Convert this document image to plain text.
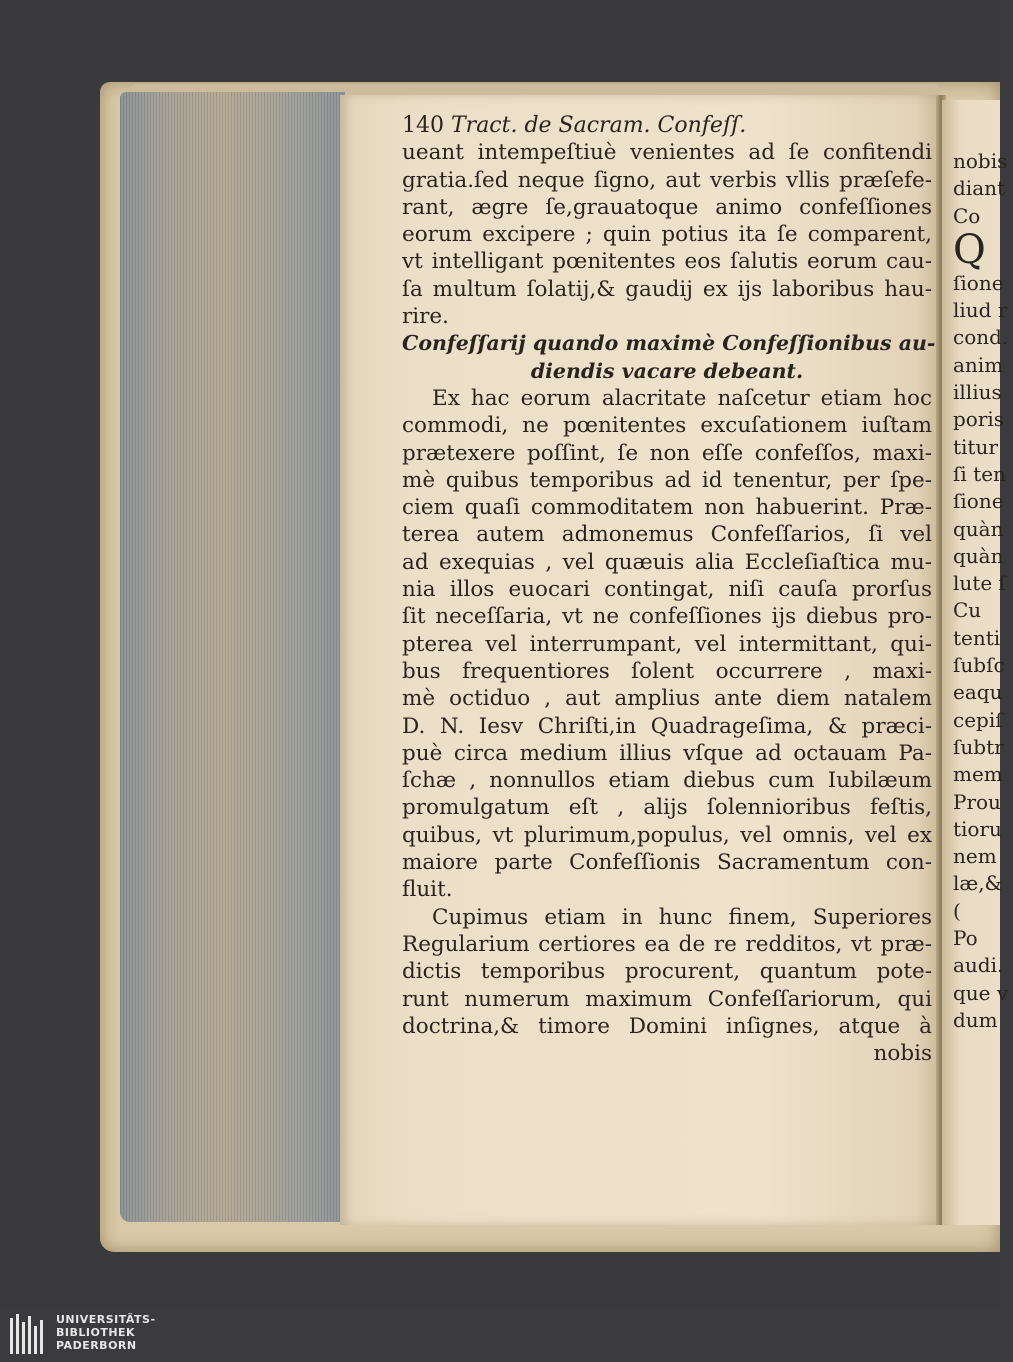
140 Tract. de Sacram. Confeſſ.
ueant intempeſtiuè venientes ad ſe confitendi
gratia.ſed neque ſigno, aut verbis vllis præſefe-
rant, ægre ſe,grauatoque animo confeſſiones
eorum excipere ; quin potius ita ſe comparent,
vt intelligant pœnitentes eos ſalutis eorum cau-
ſa multum ſolatij,& gaudij ex ijs laboribus hau-
rire.
Confeſſarij quando maximè Confeſſionibus au-
diendis vacare debeant.
Ex hac eorum alacritate naſcetur etiam hoc
commodi, ne pœnitentes excuſationem iuſtam
prætexere poſſint, ſe non eſſe confeſſos, maxi-
mè quibus temporibus ad id tenentur, per ſpe-
ciem quaſi commoditatem non habuerint. Præ-
terea autem admonemus Confeſſarios, ſi vel
ad exequias , vel quæuis alia Eccleſiaſtica mu-
nia illos euocari contingat, niſi cauſa prorſus
ſit neceſſaria, vt ne confeſſiones ijs diebus pro-
pterea vel interrumpant, vel intermittant, qui-
bus frequentiores ſolent occurrere , maxi-
mè octiduo , aut amplius ante diem natalem
D. N. Iesv Chriſti,in Quadrageſima, & præci-
puè circa medium illius vſque ad octauam Pa-
ſchæ , nonnullos etiam diebus cum Iubilæum
promulgatum eſt , alijs ſolennioribus feſtis,
quibus, vt plurimum,populus, vel omnis, vel ex
maiore parte Confeſſionis Sacramentum con-
fluit.
Cupimus etiam in hunc finem, Superiores
Regularium certiores ea de re redditos, vt præ-
dictis temporibus procurent, quantum pote-
runt numerum maximum Confeſſariorum, qui
doctrina,& timore Domini inſignes, atque à
nobis
nobis
diant
Co
Q
ſione
liud r
cond.
anim
illius
poris
titur
ſi ten
ſione
quàn
quàn
lute ſ
Cu
tenti
ſubſc
eaqu
cepiſ
ſubtr
mem
Prou
tioru
nem
læ,&
(
Po
audi.
que v
dum
UNIVERSITÄTS-
BIBLIOTHEK
PADERBORN
